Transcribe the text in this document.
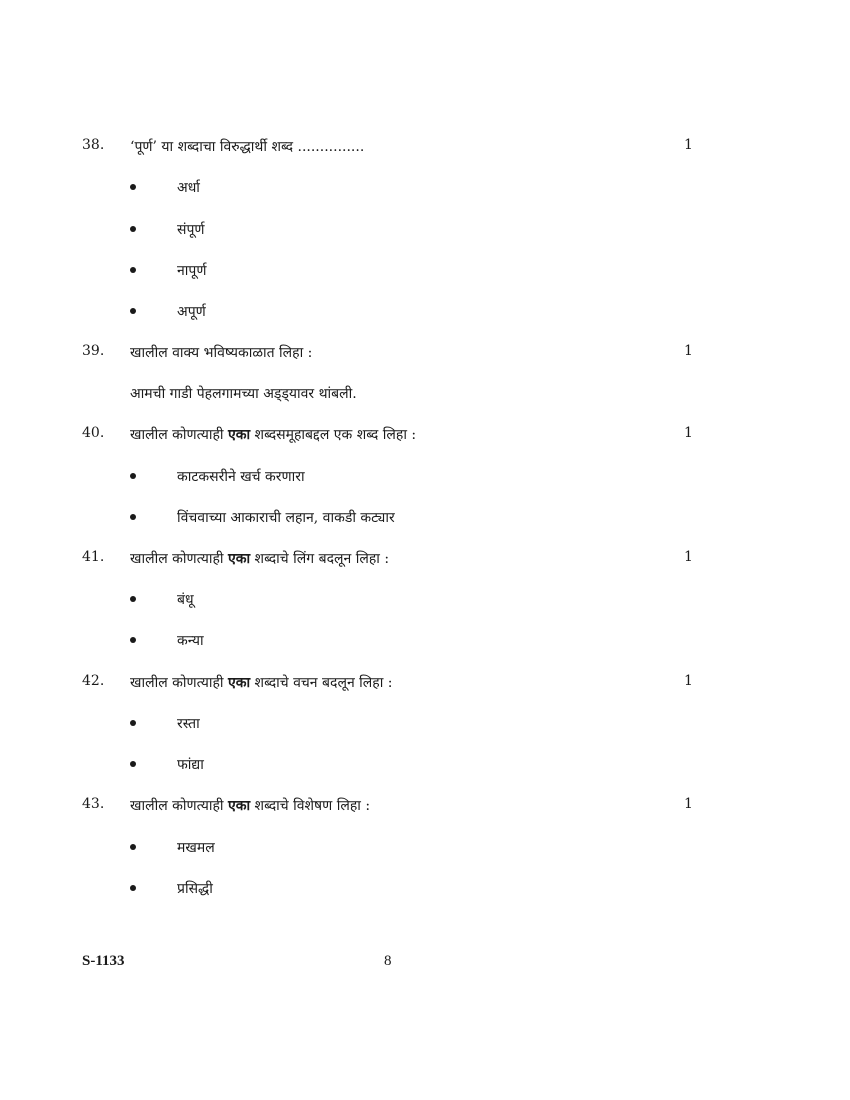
38. ‘पूर्ण’ या शब्दाचा विरुद्धार्थी शब्द ...............	1
अर्धा
संपूर्ण
नापूर्ण
अपूर्ण
39. खालील वाक्य भविष्यकाळात लिहा :	1
आमची गाडी पेहलगामच्या अड्ड्यावर थांबली.
40. खालील कोणत्याही एका शब्दसमूहाबद्दल एक शब्द लिहा :	1
काटकसरीने खर्च करणारा
विंचवाच्या आकाराची लहान, वाकडी कट्यार
41. खालील कोणत्याही एका शब्दाचे लिंग बदलून लिहा :	1
बंधू
कन्या
42. खालील कोणत्याही एका शब्दाचे वचन बदलून लिहा :	1
रस्ता
फांद्या
43. खालील कोणत्याही एका शब्दाचे विशेषण लिहा :	1
मखमल
प्रसिद्धी
S-1133	8
